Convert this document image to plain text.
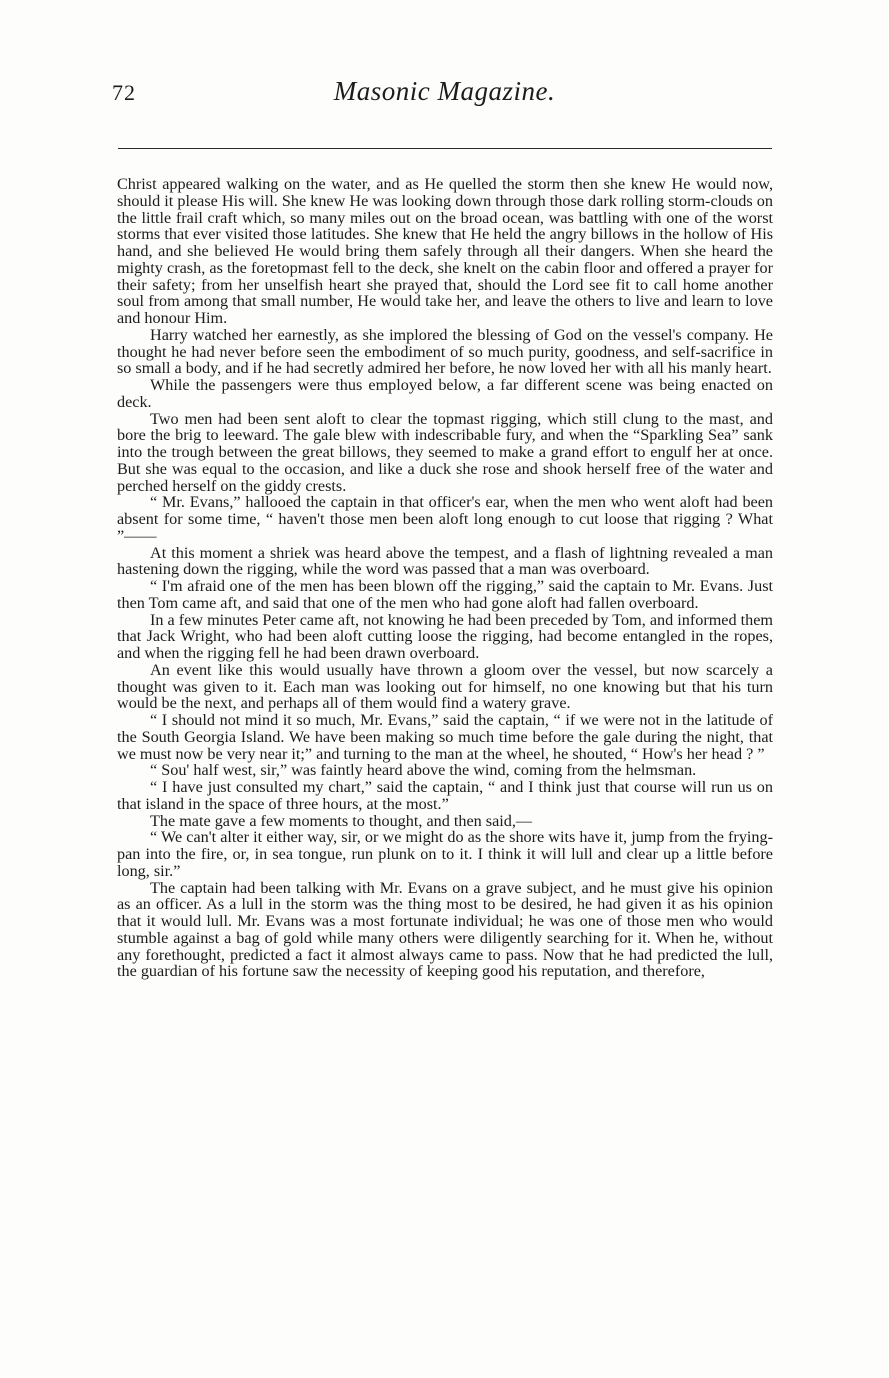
72	Masonic Magazine.

Christ appeared walking on the water, and as He quelled the storm then she knew He would now, should it please His will. She knew He was looking down through those dark rolling storm-clouds on the little frail craft which, so many miles out on the broad ocean, was battling with one of the worst storms that ever visited those latitudes. She knew that He held the angry billows in the hollow of His hand, and she believed He would bring them safely through all their dangers. When she heard the mighty crash, as the foretopmast fell to the deck, she knelt on the cabin floor and offered a prayer for their safety; from her unselfish heart she prayed that, should the Lord see fit to call home another soul from among that small number, He would take her, and leave the others to live and learn to love and honour Him.

Harry watched her earnestly, as she implored the blessing of God on the vessel's company. He thought he had never before seen the embodiment of so much purity, goodness, and self-sacrifice in so small a body, and if he had secretly admired her before, he now loved her with all his manly heart.

While the passengers were thus employed below, a far different scene was being enacted on deck.

Two men had been sent aloft to clear the topmast rigging, which still clung to the mast, and bore the brig to leeward. The gale blew with indescribable fury, and when the “Sparkling Sea” sank into the trough between the great billows, they seemed to make a grand effort to engulf her at once. But she was equal to the occasion, and like a duck she rose and shook herself free of the water and perched herself on the giddy crests.

“ Mr. Evans,” hallooed the captain in that officer's ear, when the men who went aloft had been absent for some time, “ haven't those men been aloft long enough to cut loose that rigging ? What ”——

At this moment a shriek was heard above the tempest, and a flash of lightning revealed a man hastening down the rigging, while the word was passed that a man was overboard.

“ I'm afraid one of the men has been blown off the rigging,” said the captain to Mr. Evans. Just then Tom came aft, and said that one of the men who had gone aloft had fallen overboard.

In a few minutes Peter came aft, not knowing he had been preceded by Tom, and informed them that Jack Wright, who had been aloft cutting loose the rigging, had become entangled in the ropes, and when the rigging fell he had been drawn overboard.

An event like this would usually have thrown a gloom over the vessel, but now scarcely a thought was given to it. Each man was looking out for himself, no one knowing but that his turn would be the next, and perhaps all of them would find a watery grave.

“ I should not mind it so much, Mr. Evans,” said the captain, “ if we were not in the latitude of the South Georgia Island. We have been making so much time before the gale during the night, that we must now be very near it;” and turning to the man at the wheel, he shouted, “ How's her head ? ”

“ Sou' half west, sir,” was faintly heard above the wind, coming from the helmsman.

“ I have just consulted my chart,” said the captain, “ and I think just that course will run us on that island in the space of three hours, at the most.”

The mate gave a few moments to thought, and then said,—

“ We can't alter it either way, sir, or we might do as the shore wits have it, jump from the frying-pan into the fire, or, in sea tongue, run plunk on to it. I think it will lull and clear up a little before long, sir.”

The captain had been talking with Mr. Evans on a grave subject, and he must give his opinion as an officer. As a lull in the storm was the thing most to be desired, he had given it as his opinion that it would lull. Mr. Evans was a most fortunate individual; he was one of those men who would stumble against a bag of gold while many others were diligently searching for it. When he, without any forethought, predicted a fact it almost always came to pass. Now that he had predicted the lull, the guardian of his fortune saw the necessity of keeping good his reputation, and therefore,
